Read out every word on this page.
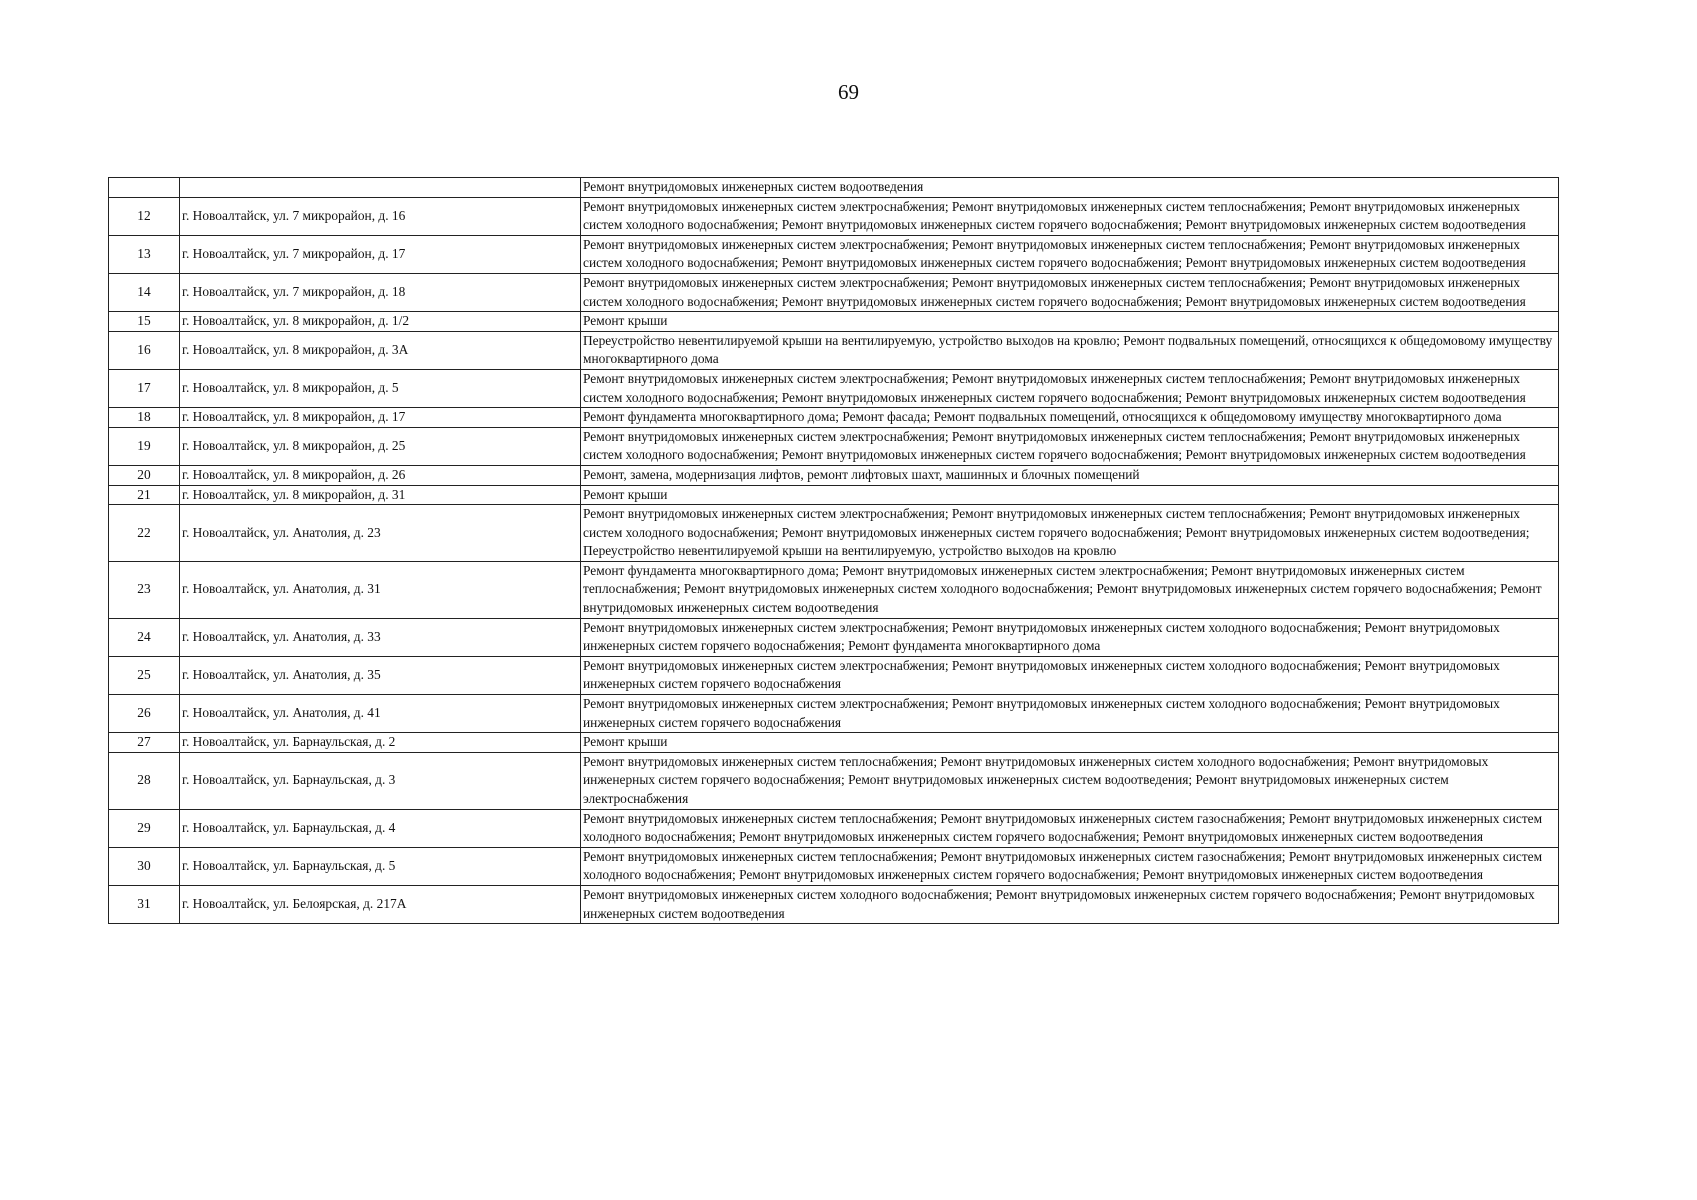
69
		Ремонт внутридомовых инженерных систем водоотведения
12	г. Новоалтайск, ул. 7 микрорайон, д. 16	Ремонт внутридомовых инженерных систем электроснабжения; Ремонт внутридомовых инженерных систем теплоснабжения; Ремонт внутридомовых инженерных систем холодного водоснабжения; Ремонт внутридомовых инженерных систем горячего водоснабжения; Ремонт внутридомовых инженерных систем водоотведения
13	г. Новоалтайск, ул. 7 микрорайон, д. 17	Ремонт внутридомовых инженерных систем электроснабжения; Ремонт внутридомовых инженерных систем теплоснабжения; Ремонт внутридомовых инженерных систем холодного водоснабжения; Ремонт внутридомовых инженерных систем горячего водоснабжения; Ремонт внутридомовых инженерных систем водоотведения
14	г. Новоалтайск, ул. 7 микрорайон, д. 18	Ремонт внутридомовых инженерных систем электроснабжения; Ремонт внутридомовых инженерных систем теплоснабжения; Ремонт внутридомовых инженерных систем холодного водоснабжения; Ремонт внутридомовых инженерных систем горячего водоснабжения; Ремонт внутридомовых инженерных систем водоотведения
15	г. Новоалтайск, ул. 8 микрорайон, д. 1/2	Ремонт крыши
16	г. Новоалтайск, ул. 8 микрорайон, д. 3А	Переустройство невентилируемой крыши на вентилируемую, устройство выходов на кровлю; Ремонт подвальных помещений, относящихся к общедомовому имуществу многоквартирного дома
17	г. Новоалтайск, ул. 8 микрорайон, д. 5	Ремонт внутридомовых инженерных систем электроснабжения; Ремонт внутридомовых инженерных систем теплоснабжения; Ремонт внутридомовых инженерных систем холодного водоснабжения; Ремонт внутридомовых инженерных систем горячего водоснабжения; Ремонт внутридомовых инженерных систем водоотведения
18	г. Новоалтайск, ул. 8 микрорайон, д. 17	Ремонт фундамента многоквартирного дома; Ремонт фасада; Ремонт подвальных помещений, относящихся к общедомовому имуществу многоквартирного дома
19	г. Новоалтайск, ул. 8 микрорайон, д. 25	Ремонт внутридомовых инженерных систем электроснабжения; Ремонт внутридомовых инженерных систем теплоснабжения; Ремонт внутридомовых инженерных систем холодного водоснабжения; Ремонт внутридомовых инженерных систем горячего водоснабжения; Ремонт внутридомовых инженерных систем водоотведения
20	г. Новоалтайск, ул. 8 микрорайон, д. 26	Ремонт, замена, модернизация лифтов, ремонт лифтовых шахт, машинных и блочных помещений
21	г. Новоалтайск, ул. 8 микрорайон, д. 31	Ремонт крыши
22	г. Новоалтайск, ул. Анатолия, д. 23	Ремонт внутридомовых инженерных систем электроснабжения; Ремонт внутридомовых инженерных систем теплоснабжения; Ремонт внутридомовых инженерных систем холодного водоснабжения; Ремонт внутридомовых инженерных систем горячего водоснабжения; Ремонт внутридомовых инженерных систем водоотведения; Переустройство невентилируемой крыши на вентилируемую, устройство выходов на кровлю
23	г. Новоалтайск, ул. Анатолия, д. 31	Ремонт фундамента многоквартирного дома; Ремонт внутридомовых инженерных систем электроснабжения; Ремонт внутридомовых инженерных систем теплоснабжения; Ремонт внутридомовых инженерных систем холодного водоснабжения; Ремонт внутридомовых инженерных систем горячего водоснабжения; Ремонт внутридомовых инженерных систем водоотведения
24	г. Новоалтайск, ул. Анатолия, д. 33	Ремонт внутридомовых инженерных систем электроснабжения; Ремонт внутридомовых инженерных систем холодного водоснабжения; Ремонт внутридомовых инженерных систем горячего водоснабжения; Ремонт фундамента многоквартирного дома
25	г. Новоалтайск, ул. Анатолия, д. 35	Ремонт внутридомовых инженерных систем электроснабжения; Ремонт внутридомовых инженерных систем холодного водоснабжения; Ремонт внутридомовых инженерных систем горячего водоснабжения
26	г. Новоалтайск, ул. Анатолия, д. 41	Ремонт внутридомовых инженерных систем электроснабжения; Ремонт внутридомовых инженерных систем холодного водоснабжения; Ремонт внутридомовых инженерных систем горячего водоснабжения
27	г. Новоалтайск, ул. Барнаульская, д. 2	Ремонт крыши
28	г. Новоалтайск, ул. Барнаульская, д. 3	Ремонт внутридомовых инженерных систем теплоснабжения; Ремонт внутридомовых инженерных систем холодного водоснабжения; Ремонт внутридомовых инженерных систем горячего водоснабжения; Ремонт внутридомовых инженерных систем водоотведения; Ремонт внутридомовых инженерных систем электроснабжения
29	г. Новоалтайск, ул. Барнаульская, д. 4	Ремонт внутридомовых инженерных систем теплоснабжения; Ремонт внутридомовых инженерных систем газоснабжения; Ремонт внутридомовых инженерных систем холодного водоснабжения; Ремонт внутридомовых инженерных систем горячего водоснабжения; Ремонт внутридомовых инженерных систем водоотведения
30	г. Новоалтайск, ул. Барнаульская, д. 5	Ремонт внутридомовых инженерных систем теплоснабжения; Ремонт внутридомовых инженерных систем газоснабжения; Ремонт внутридомовых инженерных систем холодного водоснабжения; Ремонт внутридомовых инженерных систем горячего водоснабжения; Ремонт внутридомовых инженерных систем водоотведения
31	г. Новоалтайск, ул. Белоярская, д. 217А	Ремонт внутридомовых инженерных систем холодного водоснабжения; Ремонт внутридомовых инженерных систем горячего водоснабжения; Ремонт внутридомовых инженерных систем водоотведения
